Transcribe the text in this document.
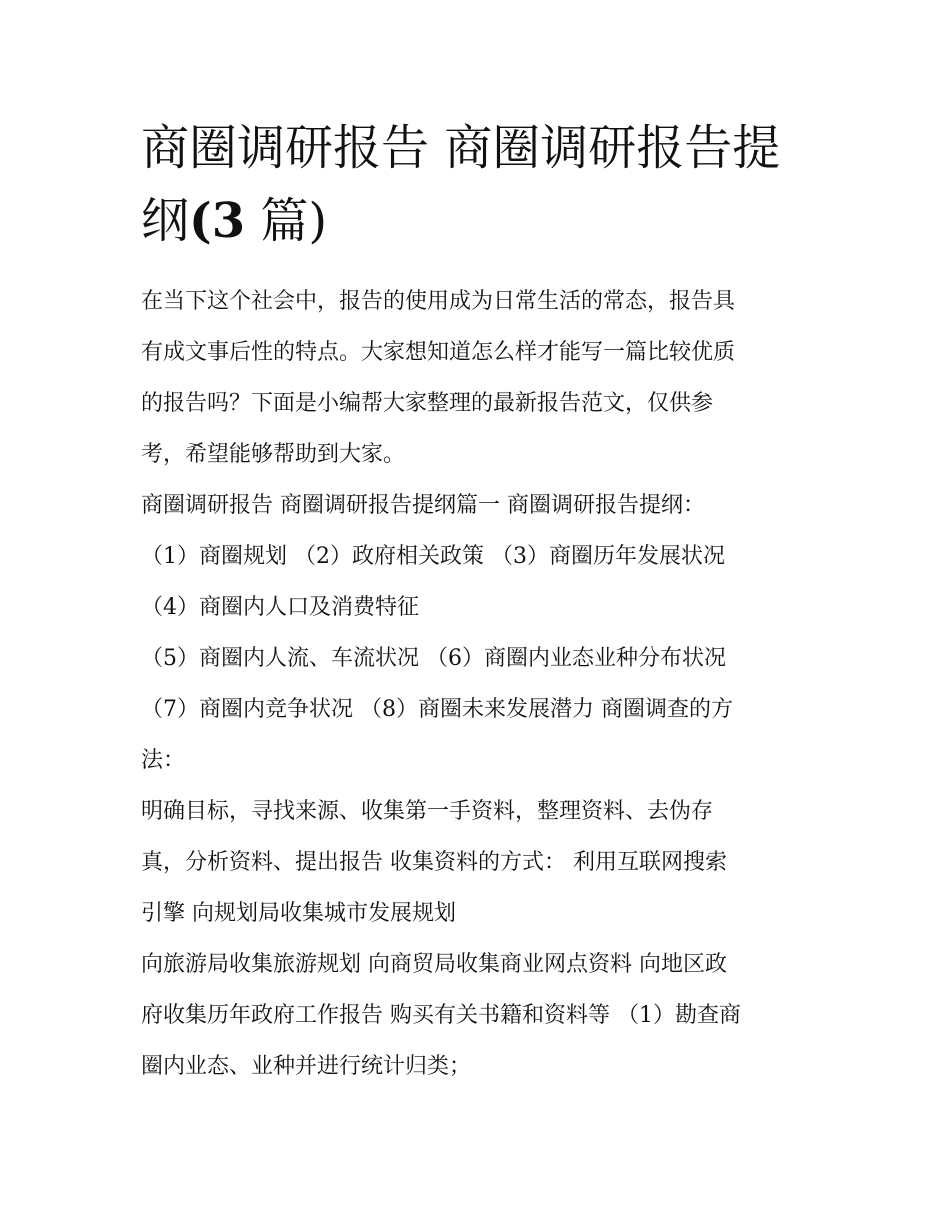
商圈调研报告 商圈调研报告提
纲(3 篇)
在当下这个社会中，报告的使用成为日常生活的常态，报告具
有成文事后性的特点。大家想知道怎么样才能写一篇比较优质
的报告吗？下面是小编帮大家整理的最新报告范文，仅供参
考，希望能够帮助到大家。
商圈调研报告 商圈调研报告提纲篇一 商圈调研报告提纲：
（1）商圈规划 （2）政府相关政策 （3）商圈历年发展状况
（4）商圈内人口及消费特征
（5）商圈内人流、车流状况 （6）商圈内业态业种分布状况
（7）商圈内竞争状况 （8）商圈未来发展潜力 商圈调查的方
法：
明确目标，寻找来源、收集第一手资料，整理资料、去伪存
真，分析资料、提出报告 收集资料的方式： 利用互联网搜索
引擎 向规划局收集城市发展规划
向旅游局收集旅游规划 向商贸局收集商业网点资料 向地区政
府收集历年政府工作报告 购买有关书籍和资料等 （1）勘查商
圈内业态、业种并进行统计归类；
